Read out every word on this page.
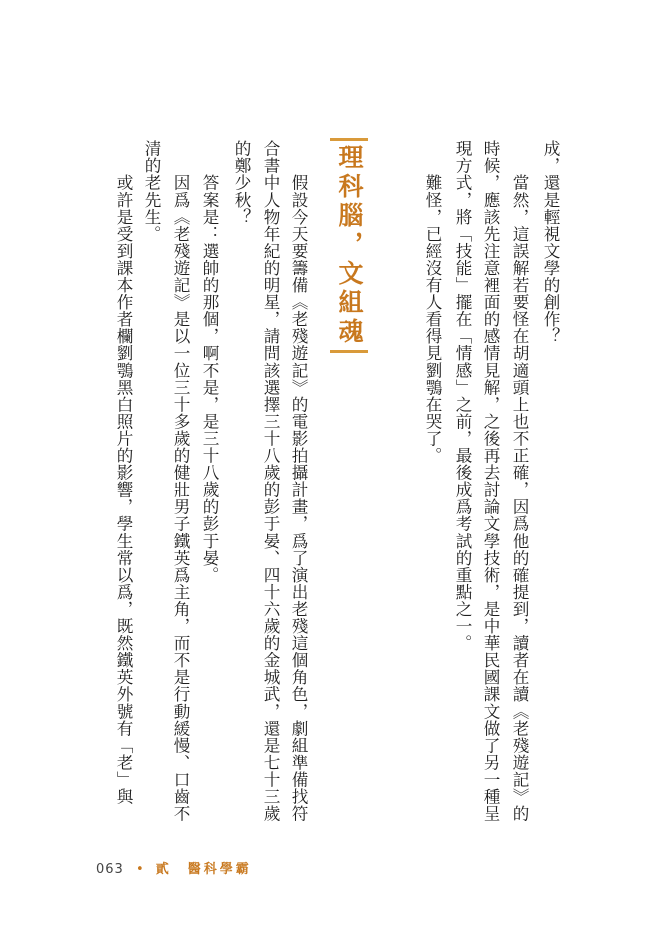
成，還是輕視文學的創作？
　　當然，這誤解若要怪在胡適頭上也不正確，因爲他的確提到，讀者在讀《老殘遊記》的
時候，應該先注意裡面的感情見解，之後再去討論文學技術，是中華民國課文做了另一種呈
現方式，將「技能」擺在「情感」之前，最後成爲考試的重點之一。
　　難怪，已經沒有人看得見劉鶚在哭了。
理科腦，文組魂
　　假設今天要籌備《老殘遊記》的電影拍攝計畫，爲了演出老殘這個角色，劇組準備找符
合書中人物年紀的明星，請問該選擇三十八歲的彭于晏、四十六歲的金城武，還是七十三歲
的鄭少秋？
　　答案是：選帥的那個，啊不是，是三十八歲的彭于晏。
　　因爲《老殘遊記》是以一位三十多歲的健壯男子鐵英爲主角，而不是行動緩慢、口齒不
清的老先生。
　　或許是受到課本作者欄劉鶚黑白照片的影響，學生常以爲，既然鐵英外號有「老」與
063 • 貳　醫科學霸
